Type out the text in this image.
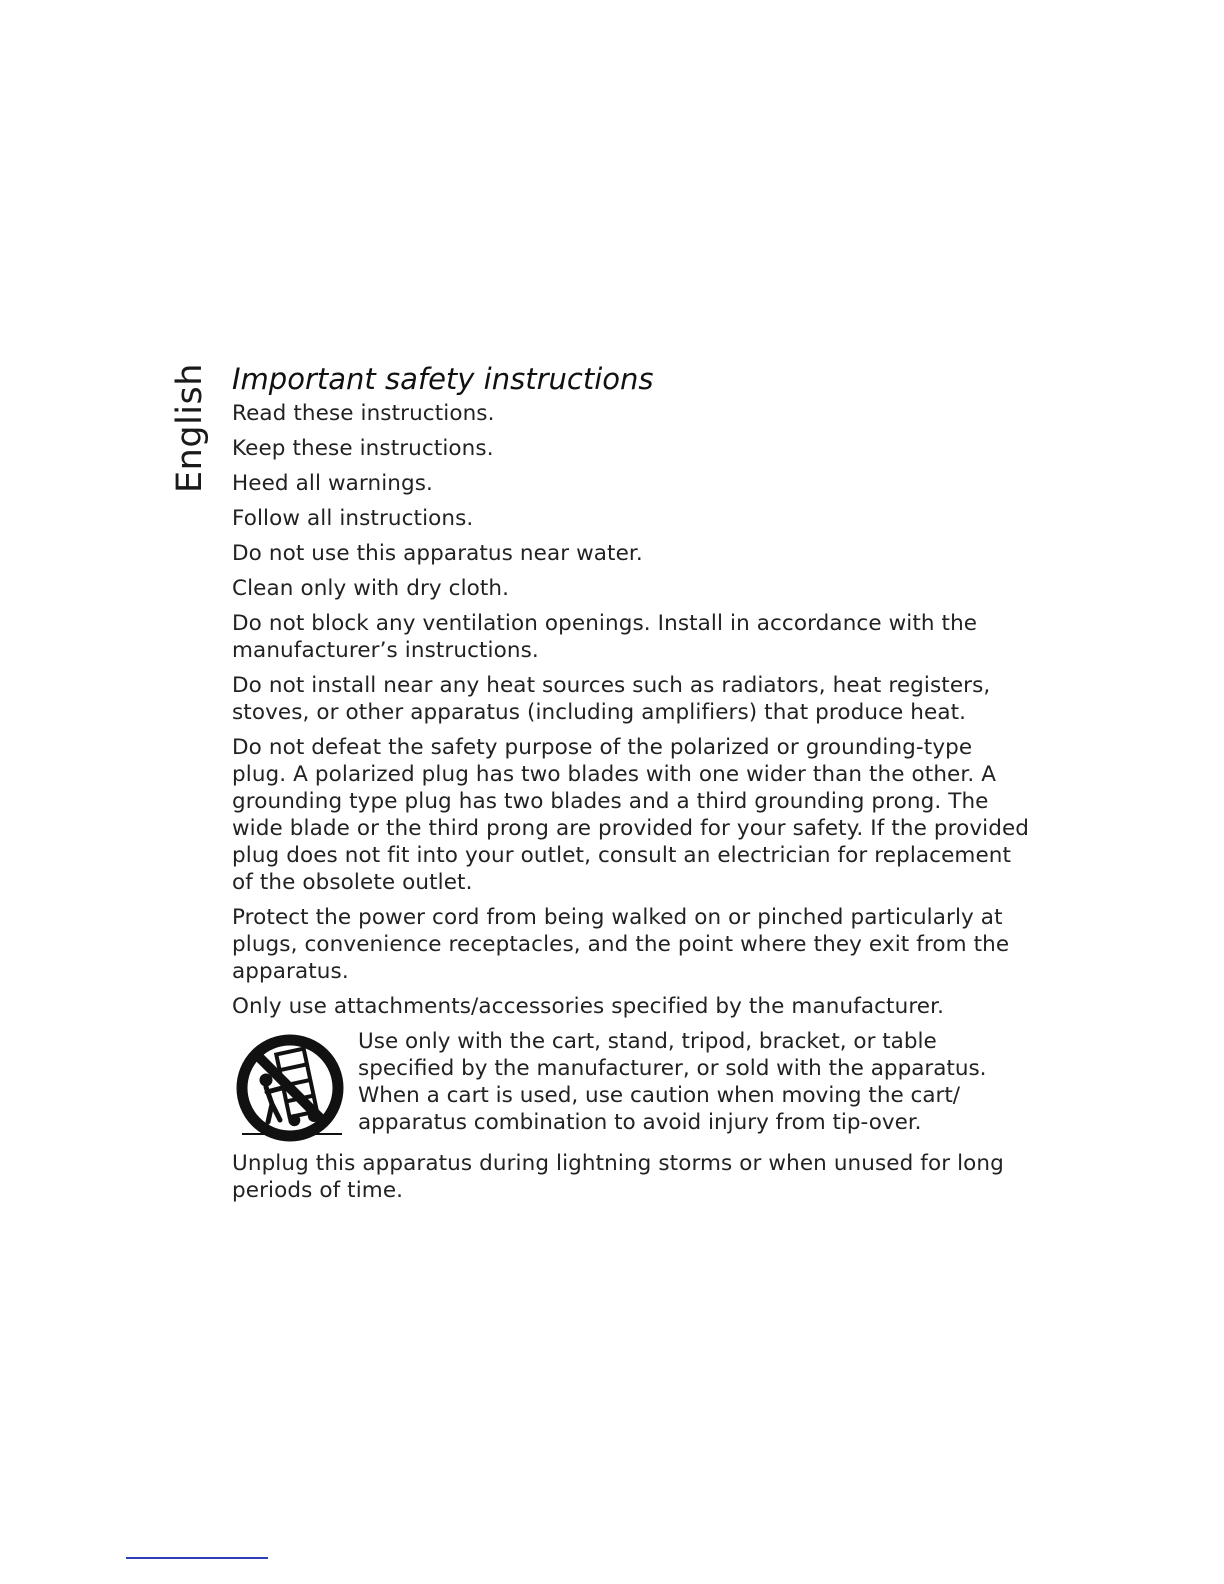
English Important safety instructions

Read these instructions.

Keep these instructions.

Heed all warnings.

Follow all instructions.

Do not use this apparatus near water.

Clean only with dry cloth.

Do not block any ventilation openings. Install in accordance with the manufacturer’s instructions.

Do not install near any heat sources such as radiators, heat registers, stoves, or other apparatus (including amplifiers) that produce heat.

Do not defeat the safety purpose of the polarized or grounding-type plug. A polarized plug has two blades with one wider than the other. A grounding type plug has two blades and a third grounding prong. The wide blade or the third prong are provided for your safety. If the provided plug does not fit into your outlet, consult an electrician for replacement of the obsolete outlet.

Protect the power cord from being walked on or pinched particularly at plugs, convenience receptacles, and the point where they exit from the apparatus.

Only use attachments/accessories specified by the manufacturer.

Use only with the cart, stand, tripod, bracket, or table specified by the manufacturer, or sold with the apparatus. When a cart is used, use caution when moving the cart/ apparatus combination to avoid injury from tip-over.

Unplug this apparatus during lightning storms or when unused for long periods of time.
